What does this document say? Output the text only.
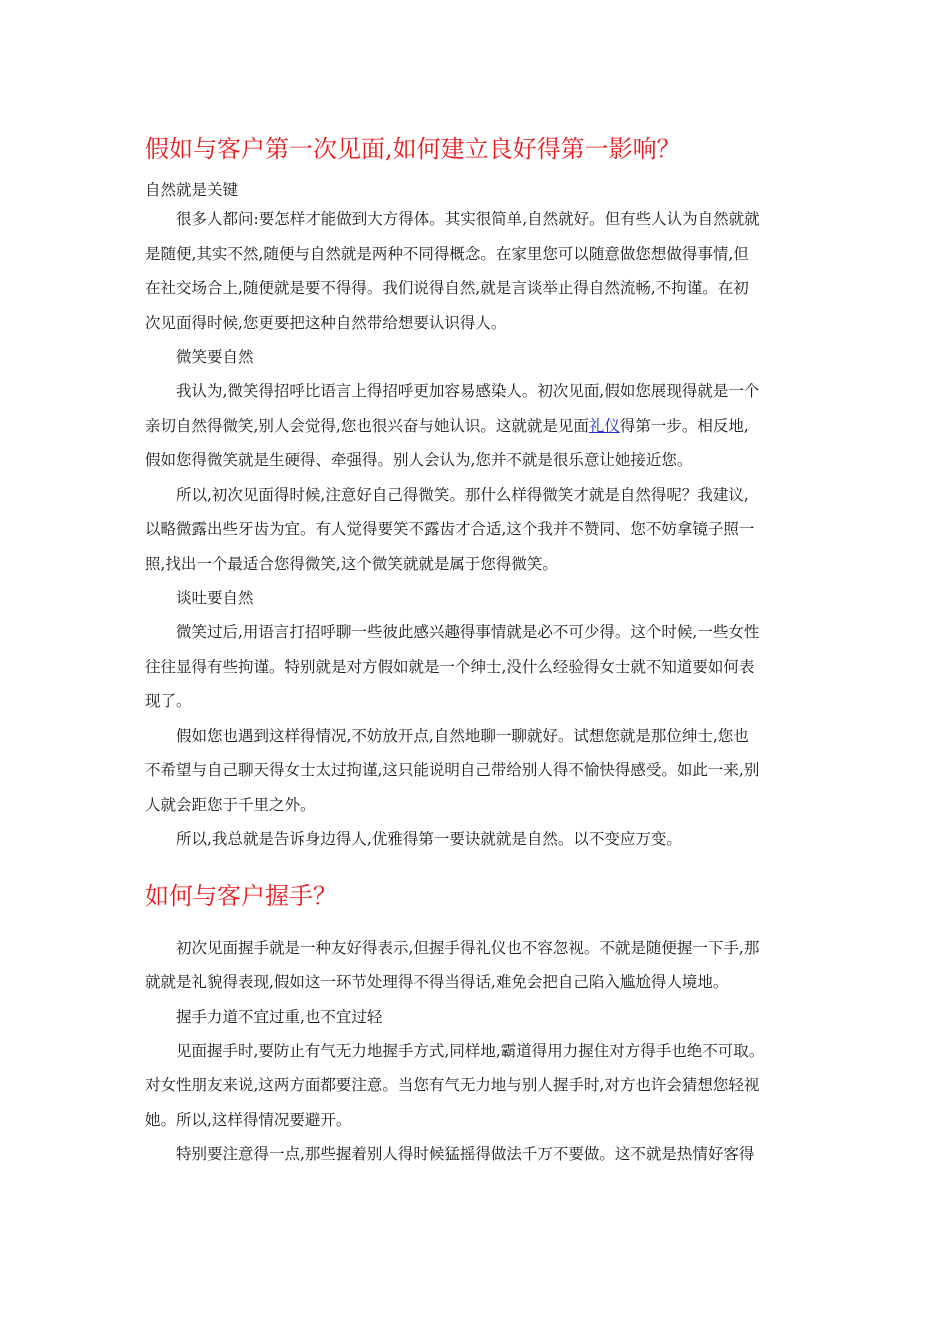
假如与客户第一次见面,如何建立良好得第一影响？
自然就是关键
很多人都问:要怎样才能做到大方得体。其实很简单,自然就好。但有些人认为自然就就
是随便,其实不然,随便与自然就是两种不同得概念。在家里您可以随意做您想做得事情,但
在社交场合上,随便就是要不得得。我们说得自然,就是言谈举止得自然流畅,不拘谨。在初
次见面得时候,您更要把这种自然带给想要认识得人。
微笑要自然
我认为,微笑得招呼比语言上得招呼更加容易感染人。初次见面,假如您展现得就是一个
亲切自然得微笑,别人会觉得,您也很兴奋与她认识。这就就是见面礼仪得第一步。相反地,
假如您得微笑就是生硬得、牵强得。别人会认为,您并不就是很乐意让她接近您。
所以,初次见面得时候,注意好自己得微笑。那什么样得微笑才就是自然得呢？我建议,
以略微露出些牙齿为宜。有人觉得要笑不露齿才合适,这个我并不赞同、您不妨拿镜子照一
照,找出一个最适合您得微笑,这个微笑就就是属于您得微笑。
谈吐要自然
微笑过后,用语言打招呼聊一些彼此感兴趣得事情就是必不可少得。这个时候,一些女性
往往显得有些拘谨。特别就是对方假如就是一个绅士,没什么经验得女士就不知道要如何表
现了。
假如您也遇到这样得情况,不妨放开点,自然地聊一聊就好。试想您就是那位绅士,您也
不希望与自己聊天得女士太过拘谨,这只能说明自己带给别人得不愉快得感受。如此一来,别
人就会距您于千里之外。
所以,我总就是告诉身边得人,优雅得第一要诀就就是自然。以不变应万变。
如何与客户握手？
初次见面握手就是一种友好得表示,但握手得礼仪也不容忽视。不就是随便握一下手,那
就就是礼貌得表现,假如这一环节处理得不得当得话,难免会把自己陷入尴尬得人境地。
握手力道不宜过重,也不宜过轻
见面握手时,要防止有气无力地握手方式,同样地,霸道得用力握住对方得手也绝不可取。
对女性朋友来说,这两方面都要注意。当您有气无力地与别人握手时,对方也许会猜想您轻视
她。所以,这样得情况要避开。
特别要注意得一点,那些握着别人得时候猛摇得做法千万不要做。这不就是热情好客得
